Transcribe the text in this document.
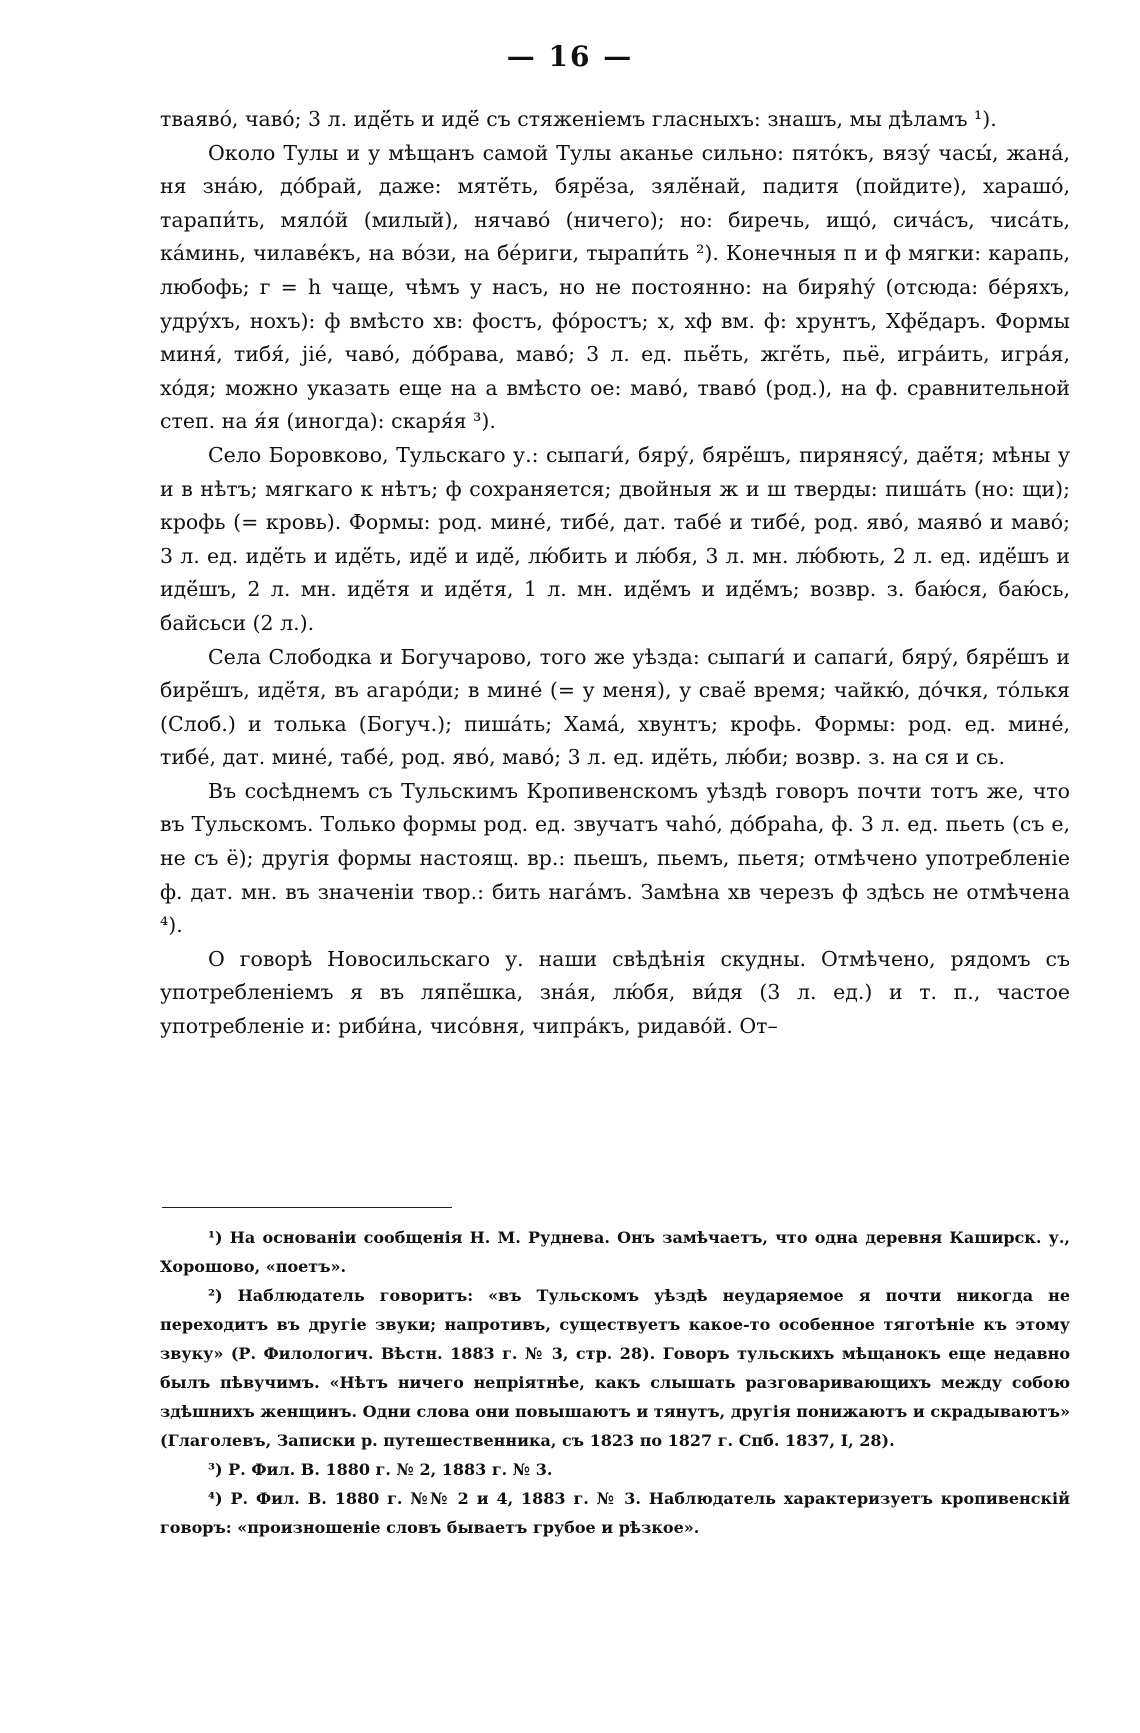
— 16 —

тваяво́, чаво́; 3 л. идё́ть и идё́ съ стяженіемъ гласныхъ: знашъ, мы дѣламъ ¹).

Около Тулы и у мѣщанъ самой Тулы аканье сильно: пято́къ, вязу́ часы́, жана́, ня зна́ю, до́брай, даже: мятё́ть, бярё́за, зялё́най, падитя (пойдите), харашо́, тарапи́ть, мяло́й (милый), нячаво́ (ничего); но: биречь, ищо́, сича́съ, чиса́ть, ка́минь, чилаве́къ, на во́зи, на бе́риги, тырапи́ть ²). Конечныя п и ф мягки: карапь, любофь; г = h чаще, чѣмъ у насъ, но не постоянно: на биряhу́ (отсюда: бе́ряхъ, удру́хъ, нохъ): ф вмѣсто хв: фостъ, фо́ростъ; х, хф вм. ф: хрунтъ, Хфё́даръ. Формы миня́, тибя́, jіе́, чаво́, до́брава, маво́; 3 л. ед. пьё́ть, жгё́ть, пьё, игра́ить, игра́я, хо́дя; можно указать еще на а вмѣсто ое: маво́, тваво́ (род.), на ф. сравнительной степ. на я́я (иногда): скаря́я ³).

Село Боровково, Тульскаго у.: сыпаги́, бяру́, бярё́шъ, пирянясу́, даё́тя; мѣны у и в нѣтъ; мягкаго к нѣтъ; ф сохраняется; двойныя ж и ш тверды: пиша́ть (но: щи); крофь (= кровь). Формы: род. мине́, тибе́, дат. табе́ и тибе́, род. яво́, маяво́ и маво́; 3 л. ед. идё́ть и идё́ть, идё́ и идё́, лю́бить и лю́бя, 3 л. мн. лю́бють, 2 л. ед. идё́шъ и идё́шъ, 2 л. мн. идё́тя и идё́тя, 1 л. мн. идё́мъ и идё́мъ; возвр. з. баю́ся, баю́сь, байсьси (2 л.).

Села Слободка и Богучарово, того же уѣзда: сыпаги́ и сапаги́, бяру́, бярё́шъ и бирё́шъ, идё́тя, въ агаро́ди; в мине́ (= у меня), у сваё́ время; чайкю́, до́чкя, то́лькя (Слоб.) и толька (Богуч.); пиша́ть; Хама́, хвунтъ; крофь. Формы: род. ед. мине́, тибе́, дат. мине́, табе́, род. яво́, маво́; 3 л. ед. идё́ть, лю́би; возвр. з. на ся и сь.

Въ сосѣднемъ съ Тульскимъ Кропивенскомъ уѣздѣ говоръ почти тотъ же, что въ Тульскомъ. Только формы род. ед. звучатъ чаhó, до́браhа, ф. 3 л. ед. пьеть (съ е, не съ ё); другія формы настоящ. вр.: пьешъ, пьемъ, пьетя; отмѣчено употребленіе ф. дат. мн. въ значеніи твор.: бить нага́мъ. Замѣна хв черезъ ф здѣсь не отмѣчена ⁴).

О говорѣ Новосильскаго у. наши свѣдѣнія скудны. Отмѣчено, рядомъ съ употребленіемъ я въ ляпё́шка, зна́я, лю́бя, ви́дя (3 л. ед.) и т. п., частое употребленіе и: риби́на, чисо́вня, чипра́къ, ридаво́й. От–

¹) На основаніи сообщенія Н. М. Руднева. Онъ замѣчаетъ, что одна деревня Каширск. у., Хорошово, «поетъ».

²) Наблюдатель говоритъ: «въ Тульскомъ уѣздѣ неударяемое я почти никогда не переходитъ въ другіе звуки; напротивъ, существуетъ какое-то особенное тяготѣніе къ этому звуку» (Р. Филологич. Вѣстн. 1883 г. № 3, стр. 28). Говоръ тульскихъ мѣщанокъ еще недавно былъ пѣвучимъ. «Нѣтъ ничего непріятнѣе, какъ слышать разговаривающихъ между собою здѣшнихъ женщинъ. Одни слова они повышаютъ и тянутъ, другія понижаютъ и скрадываютъ» (Глаголевъ, Записки р. путешественника, съ 1823 по 1827 г. Спб. 1837, I, 28).

³) Р. Фил. В. 1880 г. № 2, 1883 г. № 3.

⁴) Р. Фил. В. 1880 г. №№ 2 и 4, 1883 г. № 3. Наблюдатель характеризуетъ кропивенскій говоръ: «произношеніе словъ бываетъ грубое и рѣзкое».
